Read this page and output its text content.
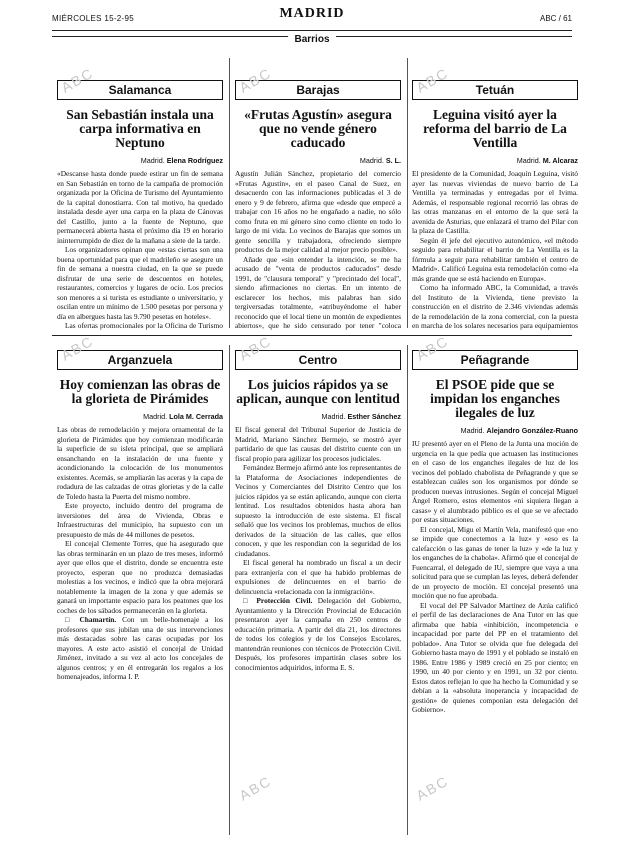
MIÉRCOLES 15-2-95	MADRID	ABC / 61
Barrios
Salamanca
San Sebastián instala una carpa informativa en Neptuno
Madrid. Elena Rodríguez

«Descanse hasta donde puede estirar un fin de semana en San Sebastián en torno de la campaña de promoción organizada por la Oficina de Turismo del Ayuntamiento de la capital donostiarra. Con tal motivo, ha quedado instalada desde ayer una carpa en la plaza de Cánovas del Castillo, junto a la fuente de Neptuno, que permanecerá abierta hasta el próximo día 19 en horario ininterrumpido de diez de la mañana a siete de la tarde.

Los organizadores opinan que «estas ciertas son una buena oportunidad para que el madrileño se asegure un fin de semana a nuestra ciudad, en la que se puede disfrutar de una serie de descuentos en hoteles, restaurantes, comercios y lugares de ocio. Los precios son menores a si turista es estudiante o universitario, y oscilan entre un mínimo de 1.500 pesetas por persona y día en albergues hasta las 9.790 pesetas en hoteles».

Las ofertas promocionales por la Oficina de Turismo

Barajas
«Frutas Agustín» asegura que no vende género caducado
Madrid. S. L.

Agustín Julián Sánchez, propietario del comercio «Frutas Agustín», en el paseo Canal de Suez, en desacuerdo con las informaciones publicadas el 3 de enero y 9 de febrero, afirma que «desde que empecé a trabajar con 16 años no he engañado a nadie, no sólo como fruta en mi género sino como cliente en todo lo largo de mi vida. Lo vecinos de Barajas que somos un gente sencilla y trabajadora, ofreciendo siempre productos de la mejor calidad al mejor precio posible».

Añade que «sin entender la intención, se me ha acusado de "venta de productos caducados" desde 1991, de "clausura temporal" y "precintado del local", siendo afirmaciones no ciertas. En un intento de esclarecer los hechos, mis palabras han sido tergiversadas totalmente, «atribuyéndome el haber reconocido que el local tiene un montón de expedientes abiertos», que he sido censurado por tener "coloca

Tetuán
Leguina visitó ayer la reforma del barrio de La Ventilla
Madrid. M. Alcaraz

El presidente de la Comunidad, Joaquín Leguina, visitó ayer las nuevas viviendas de nuevo barrio de La Ventilla ya terminadas y entregadas por el Ivima. Además, el responsable regional recorrió las obras de las otras manzanas en el entorno de la que será la avenida de Asturias, que enlazará el tramo del Pilar con la plaza de Castilla.

Según él jefe del ejecutivo autonómico, «el método seguido para rehabilitar el barrio de La Ventilla es la fórmula a seguir para rehabilitar también el centro de Madrid». Calificó Leguina esta remodelación como «la más grande que se está haciendo en Europa».

Como ha informado ABC, la Comunidad, a través del Instituto de la Vivienda, tiene previsto la construcción en el distrito de 2.346 viviendas además de la remodelación de la zona comercial, con la puesta en marcha de los solares necesarios para equipamientos

Arganzuela
Hoy comienzan las obras de la glorieta de Pirámides
Madrid. Lola M. Cerrada

Las obras de remodelación y mejora ornamental de la glorieta de Pirámides que hoy comienzan modificarán la superficie de su isleta principal, que se ampliará ensanchando en la instalación de una fuente y acondicionando la colocación de los monumentos existentes. Acemás, se ampliarán las aceras y la capa de rodadura de las calzadas de otras glorietas y de la calle de Toledo hasta la Puerta del mismo nombre.

Este proyecto, incluido dentro del programa de inversiones del área de Vivienda, Obras e Infraestructuras del municipio, ha supuesto con un presupuesto de más de 44 millones de pesetos.

El concejal Clemente Torres, que ha asegurado que las obras terminarán en un plazo de tres meses, informó ayer que ellos que el distrito, donde se encuentra este proyecto, esperan que no produzca demasiadas molestias a los vecinos, e indicó que la obra mejorará notablemente la imagen de la zona y que además se ganará un importante espacio para los peatones que los coches de los sábados permanecerán en la glorieta.

□ Chamartín. Con un belle-homenaje a los profesores que sus jubilan una de sus intervenciones más destacadas sobre las caras ocupadas por los mayores. A este acto asistió el concejal de Unidad Jiménez, invitado a su vez al acto los concejales de algunos centros; y en él entregarán los regalos a los homenajeados, informa I. P.

Centro
Los juicios rápidos ya se aplican, aunque con lentitud
Madrid. Esther Sánchez

El fiscal general del Tribunal Superior de Justicia de Madrid, Mariano Sánchez Bermejo, se mostró ayer partidario de que las causas del distrito cuente con un fiscal propio para agilizar los procesos judiciales.

Fernández Bermejo afirmó ante los representantes de la Plataforma de Asociaciones independientes de Vecinos y Comerciantes del Distrito Centro que los juicios rápidos ya se están aplicando, aunque con cierta lentitud. Los resultados obtenidos hasta ahora han supuesto la introducción de este sistema. El fiscal señaló que los vecinos los problemas, muchos de ellos derivados de la situación de las calles, que ellos conocen, y que les respondían con la seguridad de los ciudadanos.

El fiscal general ha nombrado un fiscal a un decir para extranjería con el que ha habido problemas de expulsiones de delincuentes en el barrio de delincuencia «relacionada con la inmigración».

□ Protección Civil. Delegación del Gobierno, Ayuntamiento y la Dirección Provincial de Educación presentaron ayer la campaña en 250 centros de educación primaria. A partir del día 21, los directores de todos los colegios y de los Consejos Escolares, mantendrán reuniones con técnicos de Protección Civil. Después, los profesores impartirán clases sobre los conocimientos adquiridos, informa E. S.

Peñagrande
El PSOE pide que se impidan los enganches ilegales de luz
Madrid. Alejandro González-Ruano

IU presentó ayer en el Pleno de la Junta una moción de urgencia en la que pedía que actuasen las instituciones en el caso de los enganches ilegales de luz de los vecinos del poblado chabolista de Peñagrande y que se establezcan cuáles son los organismos por dónde se producen nuevas intrusiones. Según el concejal Miguel Ángel Romero, estos elementos «ni siquiera llegan a casas» y el alumbrado público es el que se ve afectado por estas situaciones.

El concejal, Migu el Martín Vela, manifestó que «no se impide que conectemos a la luz» y «eso es la calefacción o las ganas de tener la luz» y «de la luz y los enganches de la chabola». Afirmó que el concejal de Fuencarral, el delegado de IU, siempre que vaya a una solicitud para que se cumplan las leyes, deberá defender de un proyecto de moción. El concejal presentó una moción que no fue aprobada.

El vocal del PP Salvador Martínez de Azúa calificó el perfil de las declaraciones de Ana Tutor en las que afirmaba que había «inhibición, incompetencia e incapacidad por parte del PP en el tratamiento del poblado». Ana Tutor se olvida que fue delegada del Gobierno hasta mayo de 1991 y el poblado se instaló en 1986. Entre 1986 y 1989 creció en 25 por ciento; en 1990, un 40 por ciento y en 1991, un 32 por ciento. Estos datos reflejan lo que ha hecho la Comunidad y se debían a la «absoluta inoperancia y incapacidad de gestión» de quienes componían esta delegación del Gobierno».

ABC	ABC	ABC
ABC	ABC	ABC
ABC	ABC
